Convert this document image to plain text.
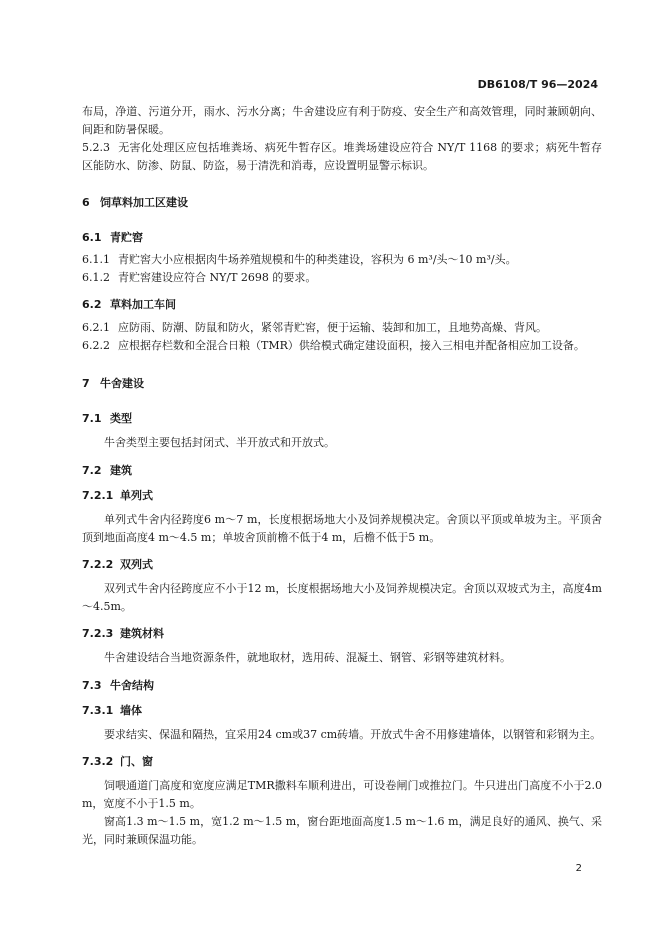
DB6108/T 96—2024

布局，净道、污道分开，雨水、污水分离；牛舍建设应有利于防疫、安全生产和高效管理，同时兼顾朝向、间距和防暑保暖。

5.2.3 无害化处理区应包括堆粪场、病死牛暂存区。堆粪场建设应符合 NY/T 1168 的要求；病死牛暂存区能防水、防渗、防鼠、防盗，易于清洗和消毒，应设置明显警示标识。

6 饲草料加工区建设
6.1 青贮窖

6.1.1 青贮窖大小应根据肉牛场养殖规模和牛的种类建设，容积为 6 m³/头～10 m³/头。

6.1.2 青贮窖建设应符合 NY/T 2698 的要求。

6.2 草料加工车间

6.2.1 应防雨、防潮、防鼠和防火，紧邻青贮窖，便于运输、装卸和加工，且地势高燥、背风。

6.2.2 应根据存栏数和全混合日粮（TMR）供给模式确定建设面积，接入三相电并配备相应加工设备。

7 牛舍建设
7.1 类型

牛舍类型主要包括封闭式、半开放式和开放式。

7.2 建筑
7.2.1 单列式

单列式牛舍内径跨度6 m～7 m，长度根据场地大小及饲养规模决定。舍顶以平顶或单坡为主。平顶舍顶到地面高度4 m～4.5 m；单坡舍顶前檐不低于4 m，后檐不低于5 m。

7.2.2 双列式

双列式牛舍内径跨度应不小于12 m，长度根据场地大小及饲养规模决定。舍顶以双坡式为主，高度4m～4.5m。

7.2.3 建筑材料

牛舍建设结合当地资源条件，就地取材，选用砖、混凝土、钢管、彩钢等建筑材料。

7.3 牛舍结构
7.3.1 墙体

要求结实、保温和隔热，宜采用24 cm或37 cm砖墙。开放式牛舍不用修建墙体，以钢管和彩钢为主。

7.3.2 门、窗

饲喂通道门高度和宽度应满足TMR撒料车顺利进出，可设卷闸门或推拉门。牛只进出门高度不小于2.0 m，宽度不小于1.5 m。

窗高1.3 m～1.5 m，宽1.2 m～1.5 m，窗台距地面高度1.5 m～1.6 m，满足良好的通风、换气、采光，同时兼顾保温功能。

2
